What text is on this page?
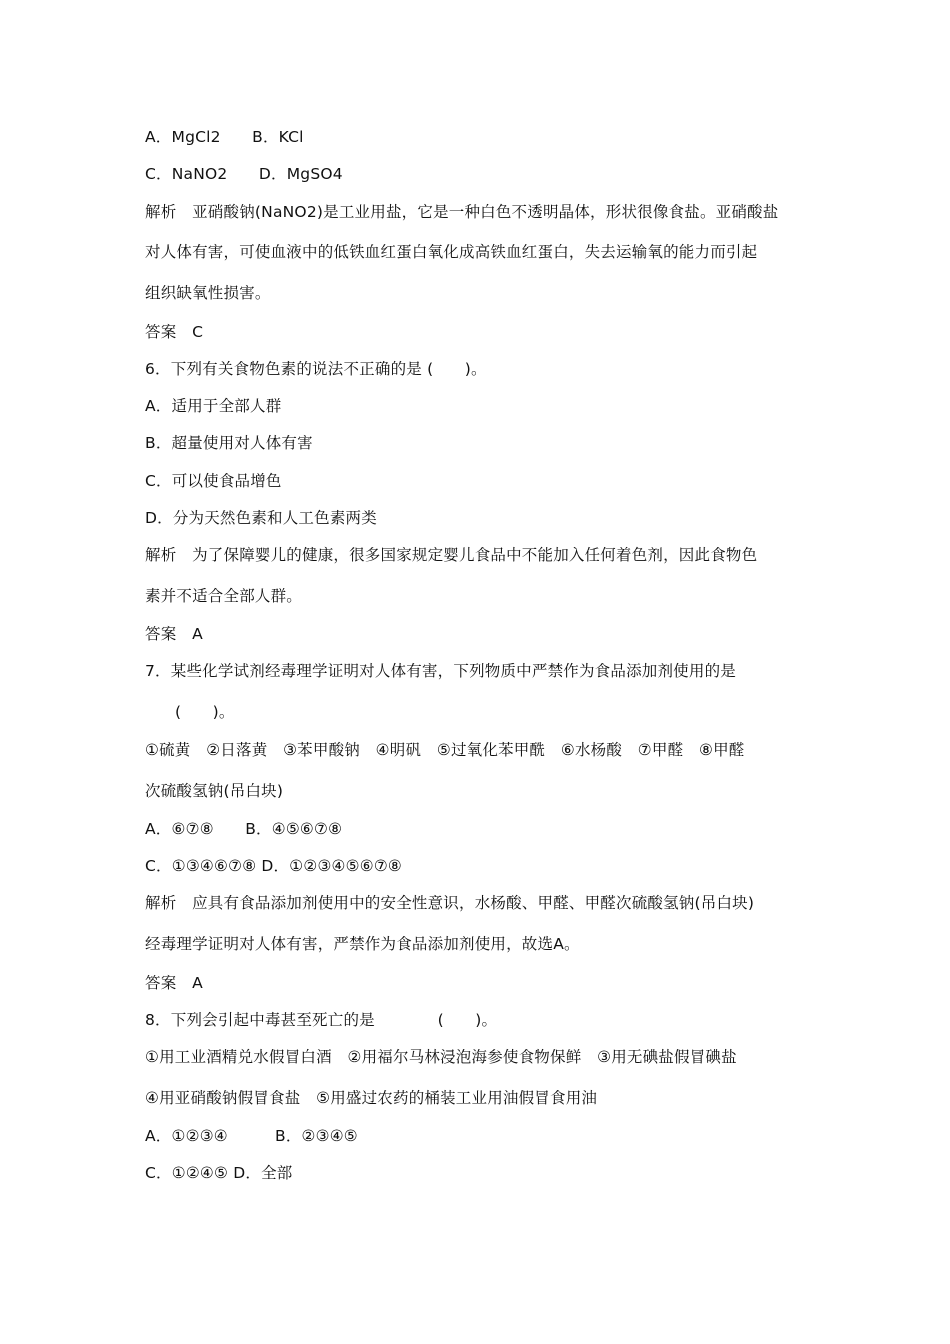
A．MgCl2　　B．KCl
C．NaNO2　　D．MgSO4
解析　亚硝酸钠(NaNO2)是工业用盐，它是一种白色不透明晶体，形状很像食盐。亚硝酸盐
对人体有害，可使血液中的低铁血红蛋白氧化成高铁血红蛋白，失去运输氧的能力而引起
组织缺氧性损害。
答案　C
6．下列有关食物色素的说法不正确的是 (　　)。
A．适用于全部人群
B．超量使用对人体有害
C．可以使食品增色
D．分为天然色素和人工色素两类
解析　为了保障婴儿的健康，很多国家规定婴儿食品中不能加入任何着色剂，因此食物色
素并不适合全部人群。
答案　A
7．某些化学试剂经毒理学证明对人体有害，下列物质中严禁作为食品添加剂使用的是
(　　)。
①硫黄　②日落黄　③苯甲酸钠　④明矾　⑤过氧化苯甲酰　⑥水杨酸　⑦甲醛　⑧甲醛
次硫酸氢钠(吊白块)
A．⑥⑦⑧　　B．④⑤⑥⑦⑧
C．①③④⑥⑦⑧ D．①②③④⑤⑥⑦⑧
解析　应具有食品添加剂使用中的安全性意识，水杨酸、甲醛、甲醛次硫酸氢钠(吊白块)
经毒理学证明对人体有害，严禁作为食品添加剂使用，故选A。
答案　A
8．下列会引起中毒甚至死亡的是　　　　(　　)。
①用工业酒精兑水假冒白酒　②用福尔马林浸泡海参使食物保鲜　③用无碘盐假冒碘盐
④用亚硝酸钠假冒食盐　⑤用盛过农药的桶装工业用油假冒食用油
A．①②③④　　　B．②③④⑤
C．①②④⑤ D．全部
